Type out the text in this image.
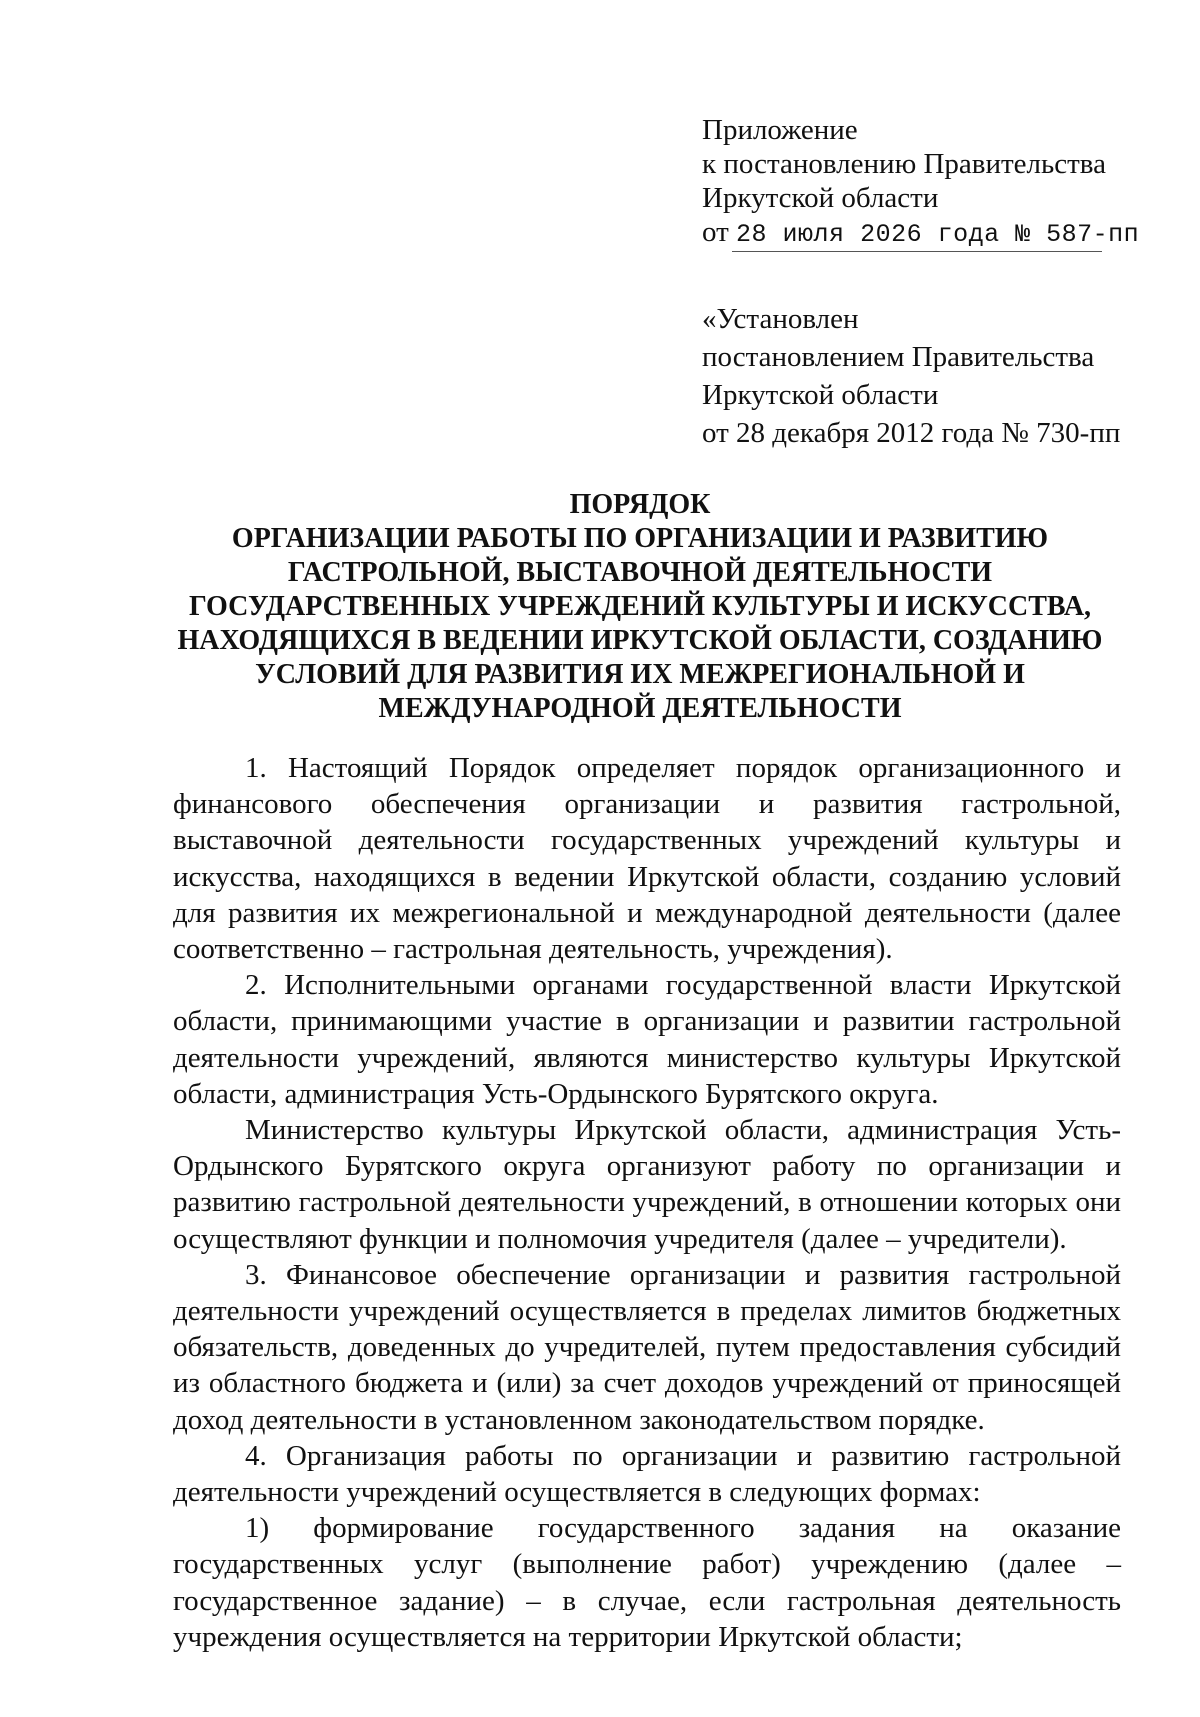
Приложение
к постановлению Правительства
Иркутской области
от 28 июля 2026 года № 587-пп
«Установлен
постановлением Правительства
Иркутской области
от 28 декабря 2012 года № 730-пп
ПОРЯДОК
ОРГАНИЗАЦИИ РАБОТЫ ПО ОРГАНИЗАЦИИ И РАЗВИТИЮ
ГАСТРОЛЬНОЙ, ВЫСТАВОЧНОЙ ДЕЯТЕЛЬНОСТИ
ГОСУДАРСТВЕННЫХ УЧРЕЖДЕНИЙ КУЛЬТУРЫ И ИСКУССТВА,
НАХОДЯЩИХСЯ В ВЕДЕНИИ ИРКУТСКОЙ ОБЛАСТИ, СОЗДАНИЮ
УСЛОВИЙ ДЛЯ РАЗВИТИЯ ИХ МЕЖРЕГИОНАЛЬНОЙ И
МЕЖДУНАРОДНОЙ ДЕЯТЕЛЬНОСТИ

1. Настоящий Порядок определяет порядок организационного и финансового обеспечения организации и развития гастрольной, выставочной деятельности государственных учреждений культуры и искусства, находящихся в ведении Иркутской области, созданию условий для развития их межрегиональной и международной деятельности (далее соответственно – гастрольная деятельность, учреждения).

2. Исполнительными органами государственной власти Иркутской области, принимающими участие в организации и развитии гастрольной деятельности учреждений, являются министерство культуры Иркутской области, администрация Усть-Ордынского Бурятского округа.

Министерство культуры Иркутской области, администрация Усть-Ордынского Бурятского округа организуют работу по организации и развитию гастрольной деятельности учреждений, в отношении которых они осуществляют функции и полномочия учредителя (далее – учредители).

3. Финансовое обеспечение организации и развития гастрольной деятельности учреждений осуществляется в пределах лимитов бюджетных обязательств, доведенных до учредителей, путем предоставления субсидий из областного бюджета и (или) за счет доходов учреждений от приносящей доход деятельности в установленном законодательством порядке.

4. Организация работы по организации и развитию гастрольной деятельности учреждений осуществляется в следующих формах:

1) формирование государственного задания на оказание государственных услуг (выполнение работ) учреждению (далее – государственное задание) – в случае, если гастрольная деятельность учреждения осуществляется на территории Иркутской области;
